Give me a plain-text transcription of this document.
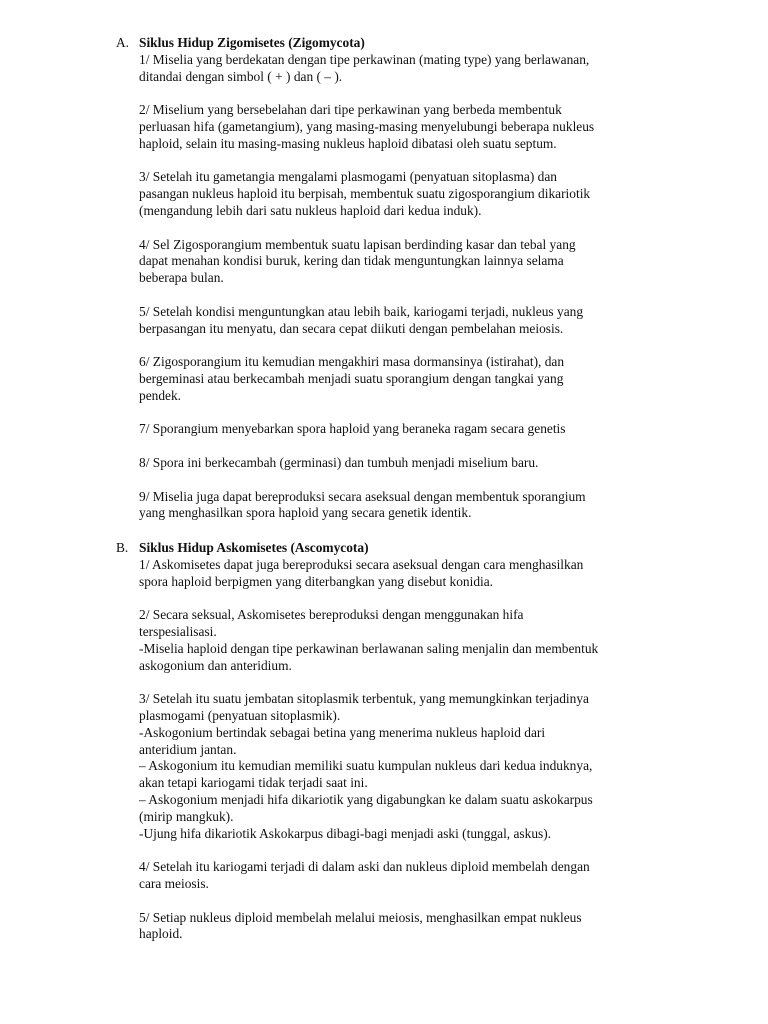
A. Siklus Hidup Zigomisetes (Zigomycota)

1/ Miselia yang berdekatan dengan tipe perkawinan (mating type) yang berlawanan,
ditandai dengan simbol ( + ) dan ( – ).

2/ Miselium yang bersebelahan dari tipe perkawinan yang berbeda membentuk
perluasan hifa (gametangium), yang masing-masing menyelubungi beberapa nukleus
haploid, selain itu masing-masing nukleus haploid dibatasi oleh suatu septum.

3/ Setelah itu gametangia mengalami plasmogami (penyatuan sitoplasma) dan
pasangan nukleus haploid itu berpisah, membentuk suatu zigosporangium dikariotik
(mengandung lebih dari satu nukleus haploid dari kedua induk).

4/ Sel Zigosporangium membentuk suatu lapisan berdinding kasar dan tebal yang
dapat menahan kondisi buruk, kering dan tidak menguntungkan lainnya selama
beberapa bulan.

5/ Setelah kondisi menguntungkan atau lebih baik, kariogami terjadi, nukleus yang
berpasangan itu menyatu, dan secara cepat diikuti dengan pembelahan meiosis.

6/ Zigosporangium itu kemudian mengakhiri masa dormansinya (istirahat), dan
bergeminasi atau berkecambah menjadi suatu sporangium dengan tangkai yang
pendek.

7/ Sporangium menyebarkan spora haploid yang beraneka ragam secara genetis

8/ Spora ini berkecambah (germinasi) dan tumbuh menjadi miselium baru.

9/ Miselia juga dapat bereproduksi secara aseksual dengan membentuk sporangium
yang menghasilkan spora haploid yang secara genetik identik.

B. Siklus Hidup Askomisetes (Ascomycota)

1/ Askomisetes dapat juga bereproduksi secara aseksual dengan cara menghasilkan
spora haploid berpigmen yang diterbangkan yang disebut konidia.

2/ Secara seksual, Askomisetes bereproduksi dengan menggunakan hifa
terspesialisasi.
-Miselia haploid dengan tipe perkawinan berlawanan saling menjalin dan membentuk
askogonium dan anteridium.

3/ Setelah itu suatu jembatan sitoplasmik terbentuk, yang memungkinkan terjadinya
plasmogami (penyatuan sitoplasmik).
-Askogonium bertindak sebagai betina yang menerima nukleus haploid dari
anteridium jantan.
– Askogonium itu kemudian memiliki suatu kumpulan nukleus dari kedua induknya,
akan tetapi kariogami tidak terjadi saat ini.
– Askogonium menjadi hifa dikariotik yang digabungkan ke dalam suatu askokarpus
(mirip mangkuk).
-Ujung hifa dikariotik Askokarpus dibagi-bagi menjadi aski (tunggal, askus).

4/ Setelah itu kariogami terjadi di dalam aski dan nukleus diploid membelah dengan
cara meiosis.

5/ Setiap nukleus diploid membelah melalui meiosis, menghasilkan empat nukleus
haploid.
